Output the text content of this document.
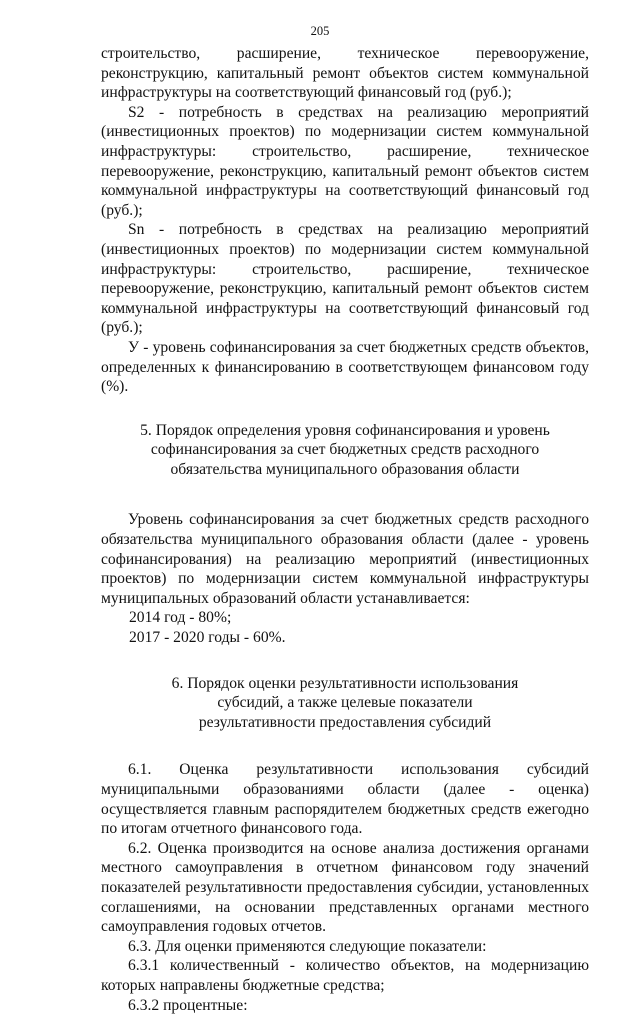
205

строительство, расширение, техническое перевооружение, реконструкцию, капитальный ремонт объектов систем коммунальной инфраструктуры на соответствующий финансовый год (руб.);

S2 - потребность в средствах на реализацию мероприятий (инвестиционных проектов) по модернизации систем коммунальной инфраструктуры: строительство, расширение, техническое перевооружение, реконструкцию, капитальный ремонт объектов систем коммунальной инфраструктуры на соответствующий финансовый год (руб.);

Sn - потребность в средствах на реализацию мероприятий (инвестиционных проектов) по модернизации систем коммунальной инфраструктуры: строительство, расширение, техническое перевооружение, реконструкцию, капитальный ремонт объектов систем коммунальной инфраструктуры на соответствующий финансовый год (руб.);

У - уровень софинансирования за счет бюджетных средств объектов, определенных к финансированию в соответствующем финансовом году (%).

5. Порядок определения уровня софинансирования и уровень
софинансирования за счет бюджетных средств расходного
обязательства муниципального образования области

Уровень софинансирования за счет бюджетных средств расходного обязательства муниципального образования области (далее - уровень софинансирования) на реализацию мероприятий (инвестиционных проектов) по модернизации систем коммунальной инфраструктуры муниципальных образований области устанавливается:

2014 год - 80%;

2017 - 2020 годы - 60%.

6. Порядок оценки результативности использования
субсидий, а также целевые показатели
результативности предоставления субсидий

6.1. Оценка результативности использования субсидий муниципальными образованиями области (далее - оценка) осуществляется главным распорядителем бюджетных средств ежегодно по итогам отчетного финансового года.

6.2. Оценка производится на основе анализа достижения органами местного самоуправления в отчетном финансовом году значений показателей результативности предоставления субсидии, установленных соглашениями, на основании представленных органами местного самоуправления годовых отчетов.

6.3. Для оценки применяются следующие показатели:

6.3.1 количественный - количество объектов, на модернизацию которых направлены бюджетные средства;

6.3.2 процентные:
